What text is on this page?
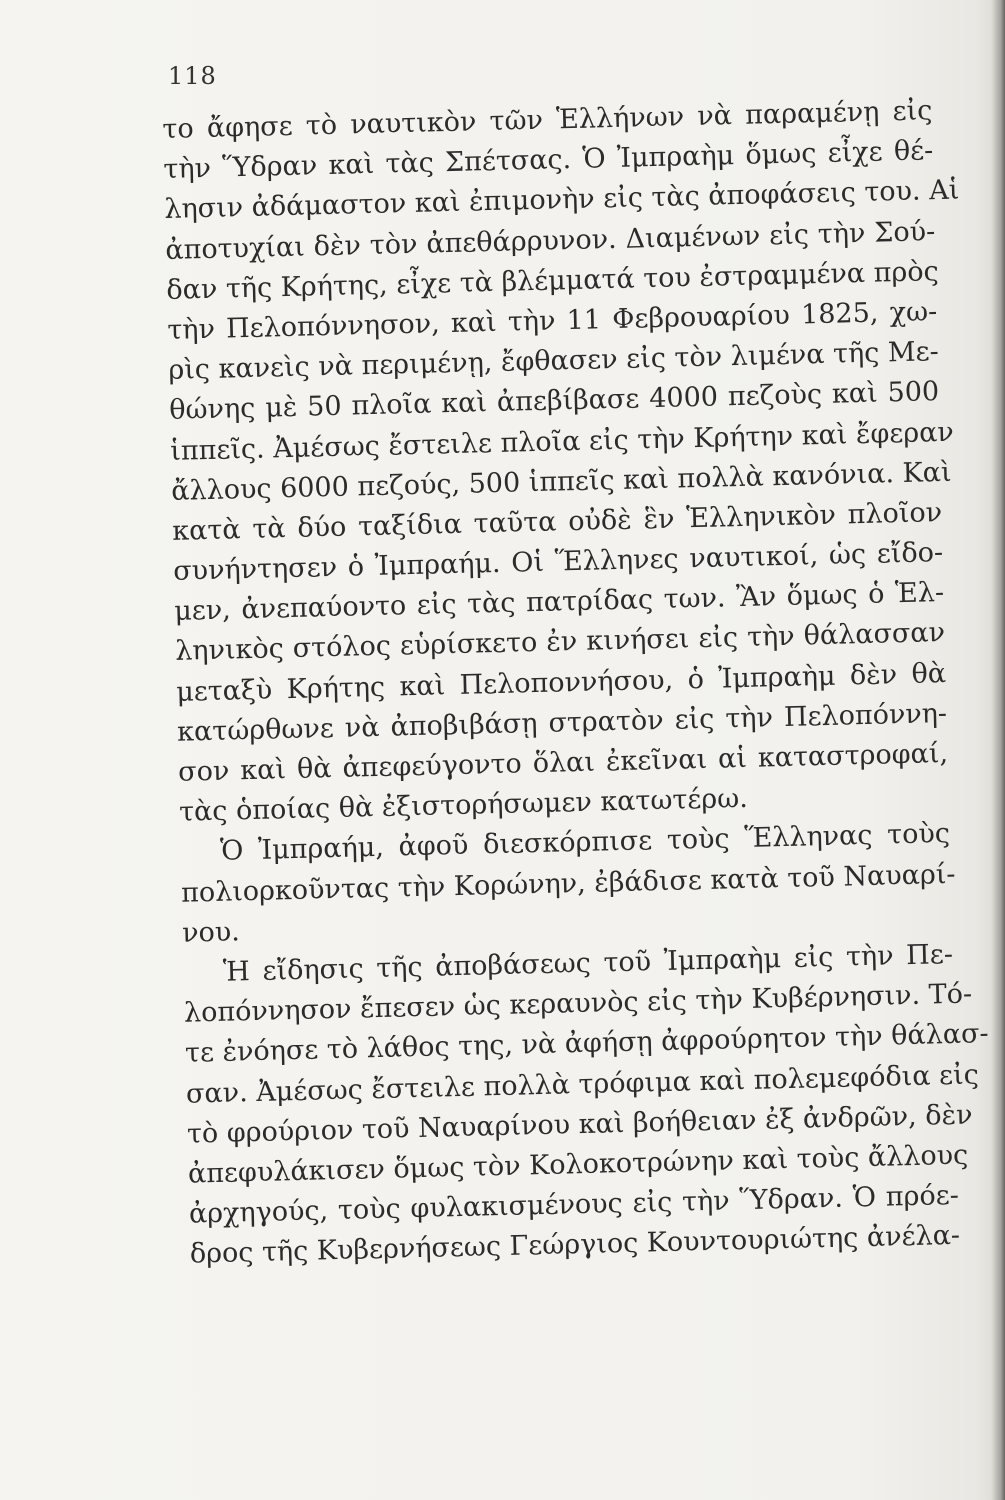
118
το ἄφησε τὸ ναυτικὸν τῶν Ἑλλήνων νὰ παραμένῃ εἰς
τὴν Ὕδραν καὶ τὰς Σπέτσας. Ὁ Ἰμπραὴμ ὅμως εἶχε θέ-
λησιν ἀδάμαστον καὶ ἐπιμονὴν εἰς τὰς ἀποφάσεις του. Αἱ
ἀποτυχίαι δὲν τὸν ἀπεθάρρυνον. Διαμένων εἰς τὴν Σού-
δαν τῆς Κρήτης, εἶχε τὰ βλέμματά του ἐστραμμένα πρὸς
τὴν Πελοπόννησον, καὶ τὴν 11 Φεβρουαρίου 1825, χω-
ρὶς κανεὶς νὰ περιμένῃ, ἔφθασεν εἰς τὸν λιμένα τῆς Με-
θώνης μὲ 50 πλοῖα καὶ ἀπεβίβασε 4000 πεζοὺς καὶ 500
ἱππεῖς. Ἀμέσως ἔστειλε πλοῖα εἰς τὴν Κρήτην καὶ ἔφεραν
ἄλλους 6000 πεζούς, 500 ἱππεῖς καὶ πολλὰ κανόνια. Καὶ
κατὰ τὰ δύο ταξίδια ταῦτα οὐδὲ ἓν Ἑλληνικὸν πλοῖον
συνήντησεν ὁ Ἰμπραήμ. Οἱ Ἕλληνες ναυτικοί, ὡς εἴδο-
μεν, ἀνεπαύοντο εἰς τὰς πατρίδας των. Ἂν ὅμως ὁ Ἑλ-
ληνικὸς στόλος εὑρίσκετο ἐν κινήσει εἰς τὴν θάλασσαν
μεταξὺ Κρήτης καὶ Πελοποννήσου, ὁ Ἰμπραὴμ δὲν θὰ
κατώρθωνε νὰ ἀποβιβάσῃ στρατὸν εἰς τὴν Πελοπόννη-
σον καὶ θὰ ἀπεφεύγοντο ὅλαι ἐκεῖναι αἱ καταστροφαί,
τὰς ὁποίας θὰ ἐξιστορήσωμεν κατωτέρω.
Ὁ Ἰμπραήμ, ἀφοῦ διεσκόρπισε τοὺς Ἕλληνας τοὺς
πολιορκοῦντας τὴν Κορώνην, ἐβάδισε κατὰ τοῦ Ναυαρί-
νου.
Ἡ εἴδησις τῆς ἀποβάσεως τοῦ Ἰμπραὴμ εἰς τὴν Πε-
λοπόννησον ἔπεσεν ὡς κεραυνὸς εἰς τὴν Κυβέρνησιν. Τό-
τε ἐνόησε τὸ λάθος της, νὰ ἀφήσῃ ἀφρούρητον τὴν θάλασ-
σαν. Ἀμέσως ἔστειλε πολλὰ τρόφιμα καὶ πολεμεφόδια εἰς
τὸ φρούριον τοῦ Ναυαρίνου καὶ βοήθειαν ἐξ ἀνδρῶν, δὲν
ἀπεφυλάκισεν ὅμως τὸν Κολοκοτρώνην καὶ τοὺς ἄλλους
ἀρχηγούς, τοὺς φυλακισμένους εἰς τὴν Ὕδραν. Ὁ πρόε-
δρος τῆς Κυβερνήσεως Γεώργιος Κουντουριώτης ἀνέλα-
